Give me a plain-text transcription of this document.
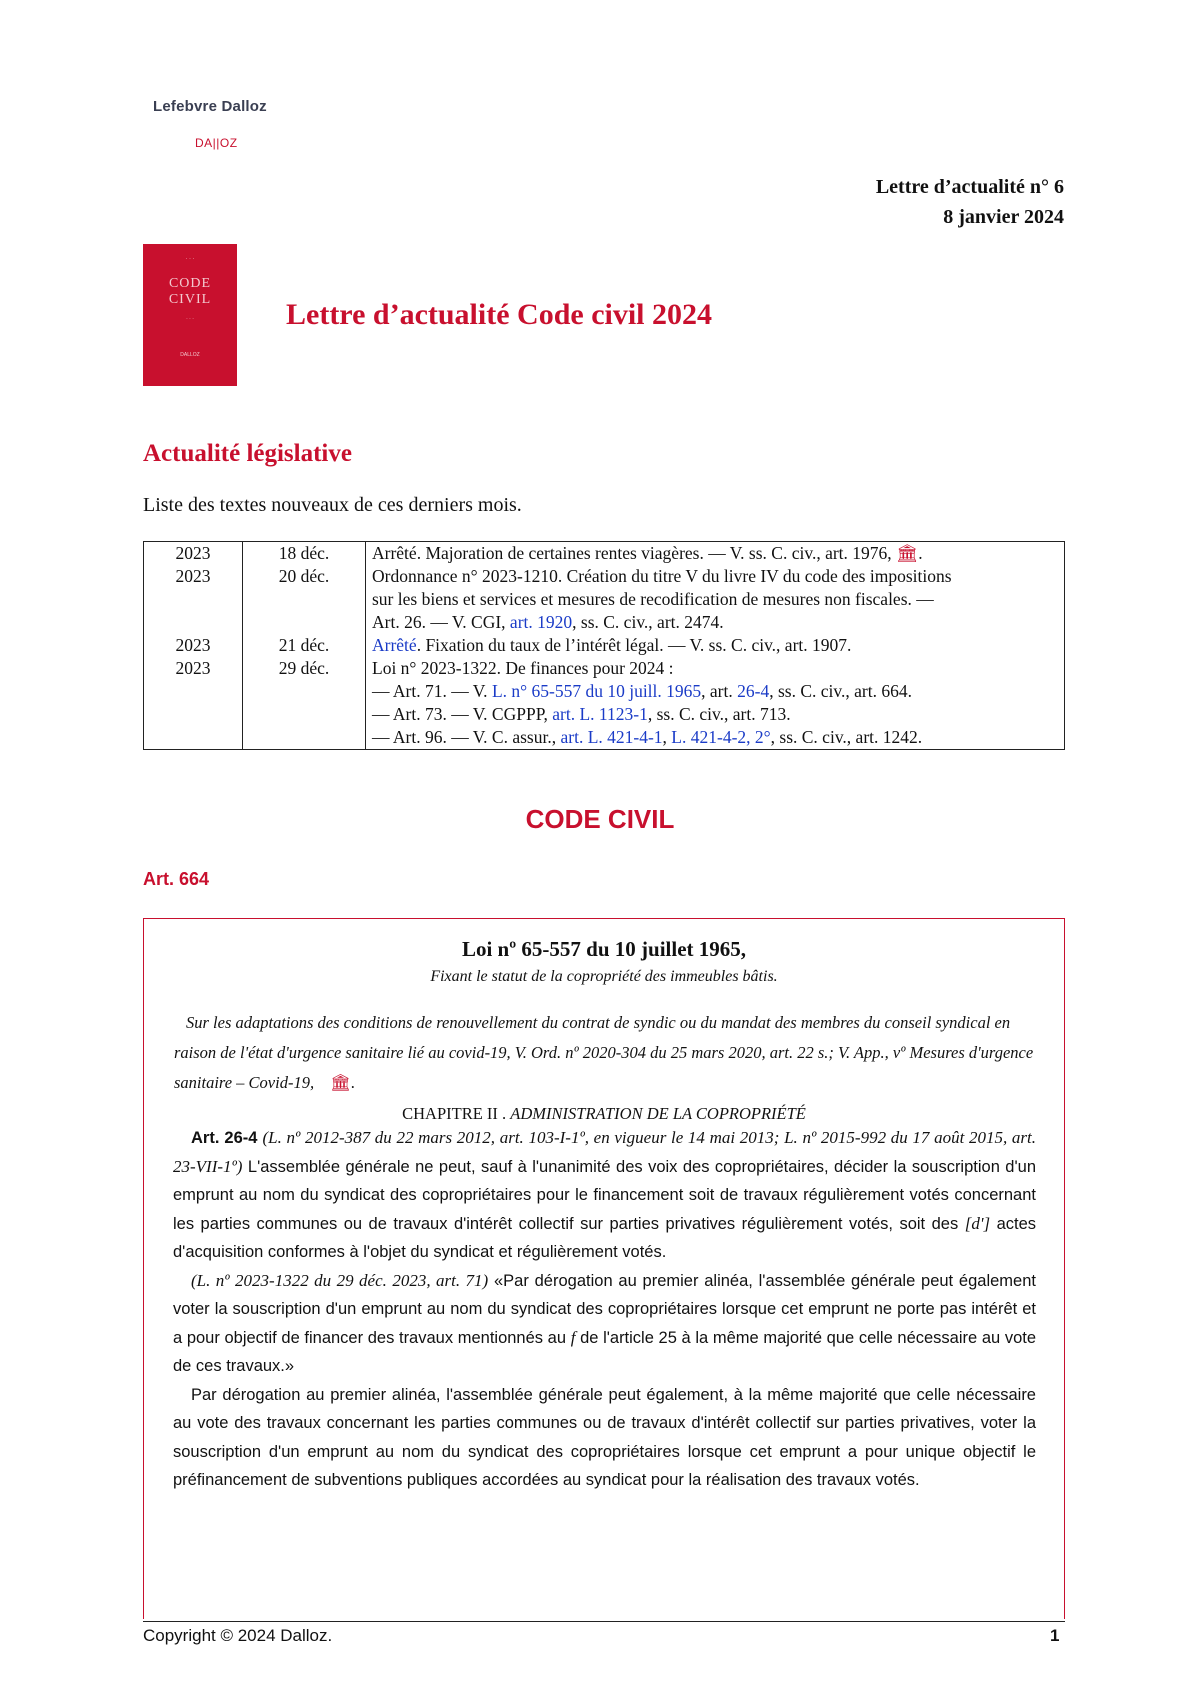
Lefebvre Dalloz
DA||OZ
Lettre d’actualité n° 6
8 janvier 2024
· · ·
CODE
CIVIL
· · ·
DALLOZ
Lettre d’actualité Code civil 2024
Actualité législative
Liste des textes nouveaux de ces derniers mois.
2023	18 déc.	Arrêté. Majoration de certaines rentes viagères. — V. ss. C. civ., art. 1976, 🏛.
2023	20 déc.	Ordonnance n° 2023-1210. Création du titre V du livre IV du code des impositions
sur les biens et services et mesures de recodification de mesures non fiscales. —
Art. 26. — V. CGI, art. 1920, ss. C. civ., art. 2474.

2023	21 déc.	Arrêté. Fixation du taux de l’intérêt légal. — V. ss. C. civ., art. 1907.
2023	29 déc.	Loi n° 2023-1322. De finances pour 2024 :
— Art. 71. — V. L. n° 65-557 du 10 juill. 1965, art. 26-4, ss. C. civ., art. 664.
— Art. 73. — V. CGPPP, art. L. 1123-1, ss. C. civ., art. 713.
— Art. 96. — V. C. assur., art. L. 421-4-1, L. 421-4-2, 2°, ss. C. civ., art. 1242.
CODE CIVIL
Art. 664
Loi nº 65-557 du 10 juillet 1965,
Fixant le statut de la copropriété des immeubles bâtis.
Sur les adaptations des conditions de renouvellement du contrat de syndic ou du mandat des membres du conseil syndical en raison de l'état d'urgence sanitaire lié au covid-19, V. Ord. nº 2020-304 du 25 mars 2020, art. 22 s.; V. App., vº Mesures d'urgence sanitaire – Covid-19, 🏛.
CHAPITRE II . ADMINISTRATION DE LA COPROPRIÉTÉ
Art. 26-4 (L. nº 2012-387 du 22 mars 2012, art. 103-I-1º, en vigueur le 14 mai 2013; L. nº 2015-992 du 17 août 2015, art. 23-VII-1º) L'assemblée générale ne peut, sauf à l'unanimité des voix des copropriétaires, décider la souscription d'un emprunt au nom du syndicat des copropriétaires pour le financement soit de travaux régulièrement votés concernant les parties communes ou de travaux d'intérêt collectif sur parties privatives régulièrement votés, soit des [d'] actes d'acquisition conformes à l'objet du syndicat et régulièrement votés.
(L. nº 2023-1322 du 29 déc. 2023, art. 71) «Par dérogation au premier alinéa, l'assemblée générale peut également voter la souscription d'un emprunt au nom du syndicat des copropriétaires lorsque cet emprunt ne porte pas intérêt et a pour objectif de financer des travaux mentionnés au f de l'article 25 à la même majorité que celle nécessaire au vote de ces travaux.»
Par dérogation au premier alinéa, l'assemblée générale peut également, à la même majorité que celle nécessaire au vote des travaux concernant les parties communes ou de travaux d'intérêt collectif sur parties privatives, voter la souscription d'un emprunt au nom du syndicat des copropriétaires lorsque cet emprunt a pour unique objectif le préfinancement de subventions publiques accordées au syndicat pour la réalisation des travaux votés.
Copyright © 2024 Dalloz.	1
